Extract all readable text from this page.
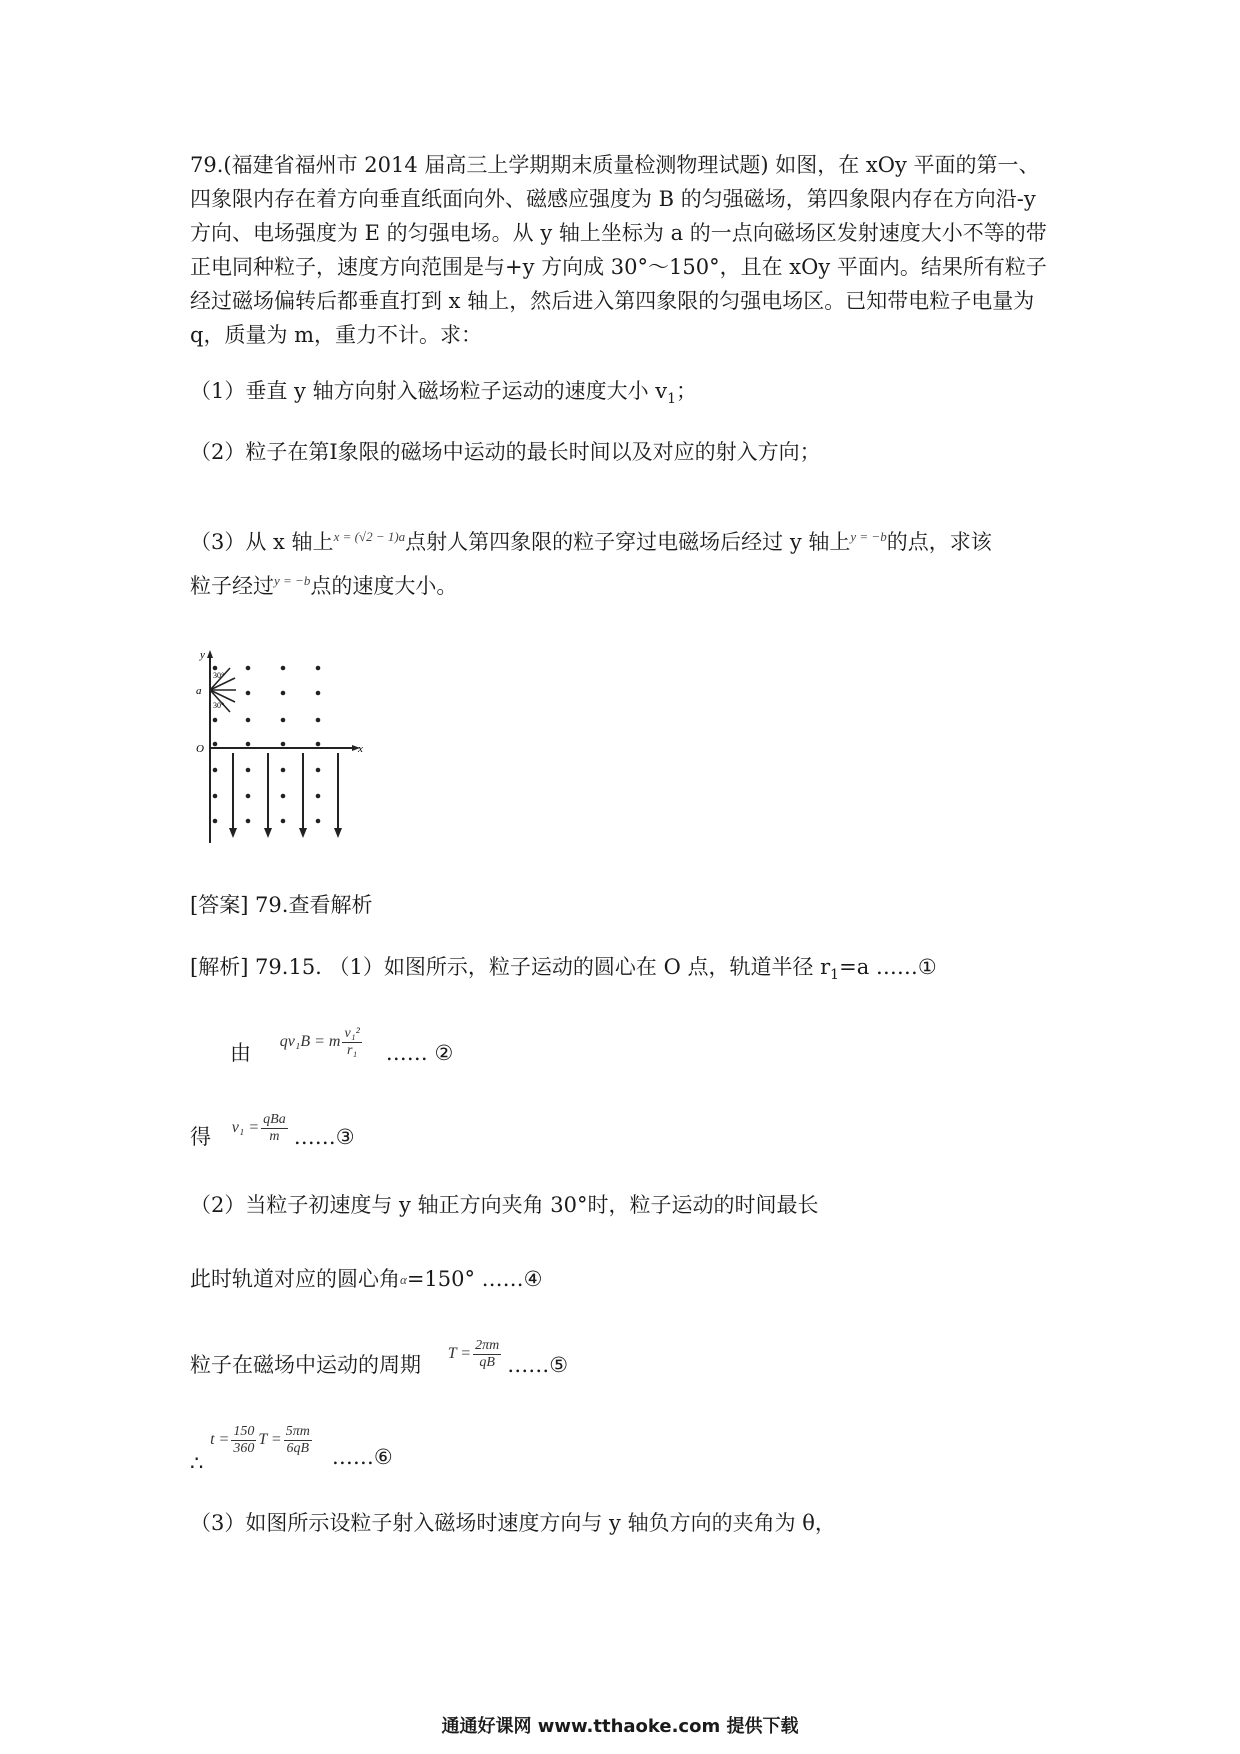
79.(福建省福州市 2014 届高三上学期期末质量检测物理试题) 如图，在 xOy 平面的第一、
四象限内存在着方向垂直纸面向外、磁感应强度为 B 的匀强磁场，第四象限内存在方向沿-y
方向、电场强度为 E 的匀强电场。从 y 轴上坐标为 a 的一点向磁场区发射速度大小不等的带
正电同种粒子，速度方向范围是与+y 方向成 30°～150°，且在 xOy 平面内。结果所有粒子
经过磁场偏转后都垂直打到 x 轴上，然后进入第四象限的匀强电场区。已知带电粒子电量为
q，质量为 m，重力不计。求：
（1）垂直 y 轴方向射入磁场粒子运动的速度大小 $v_1$；
（2）粒子在第Ⅰ象限的磁场中运动的最长时间以及对应的射入方向；
（3）从 x 轴上$^{x = (√2 - 1)a}$点射人第四象限的粒子穿过电磁场后经过 y 轴上$^{y = -b}$的点，求该
粒子经过$^{y = -b}$点的速度大小。
y
a
O	x
30°
30°
[答案] 79.查看解析
[解析] 79.15. （1）如图所示，粒子运动的圆心在 O 点，轨道半径 $r_1=a$ ……①
由 $^{qv_1B = m \frac{\text{v₁²}}{\text{r₁}}}$ …… ②
得 $^{v_1 = \frac{\text{qBa}}{m}}$ ……③
（2）当粒子初速度与 y 轴正方向夹角 30°时，粒子运动的时间最长
此时轨道对应的圆心角α=150° ……④
粒子在磁场中运动的周期 $^{T = \frac{2\pi m}{qB}}$ ……⑤
∴ $^{t = \frac{150}{360} T = \frac{5\pi m}{6qB}}$
……⑥
（3）如图所示设粒子射入磁场时速度方向与 y 轴负方向的夹角为 θ，
通通好课网 www.tthaoke.com 提供下载
